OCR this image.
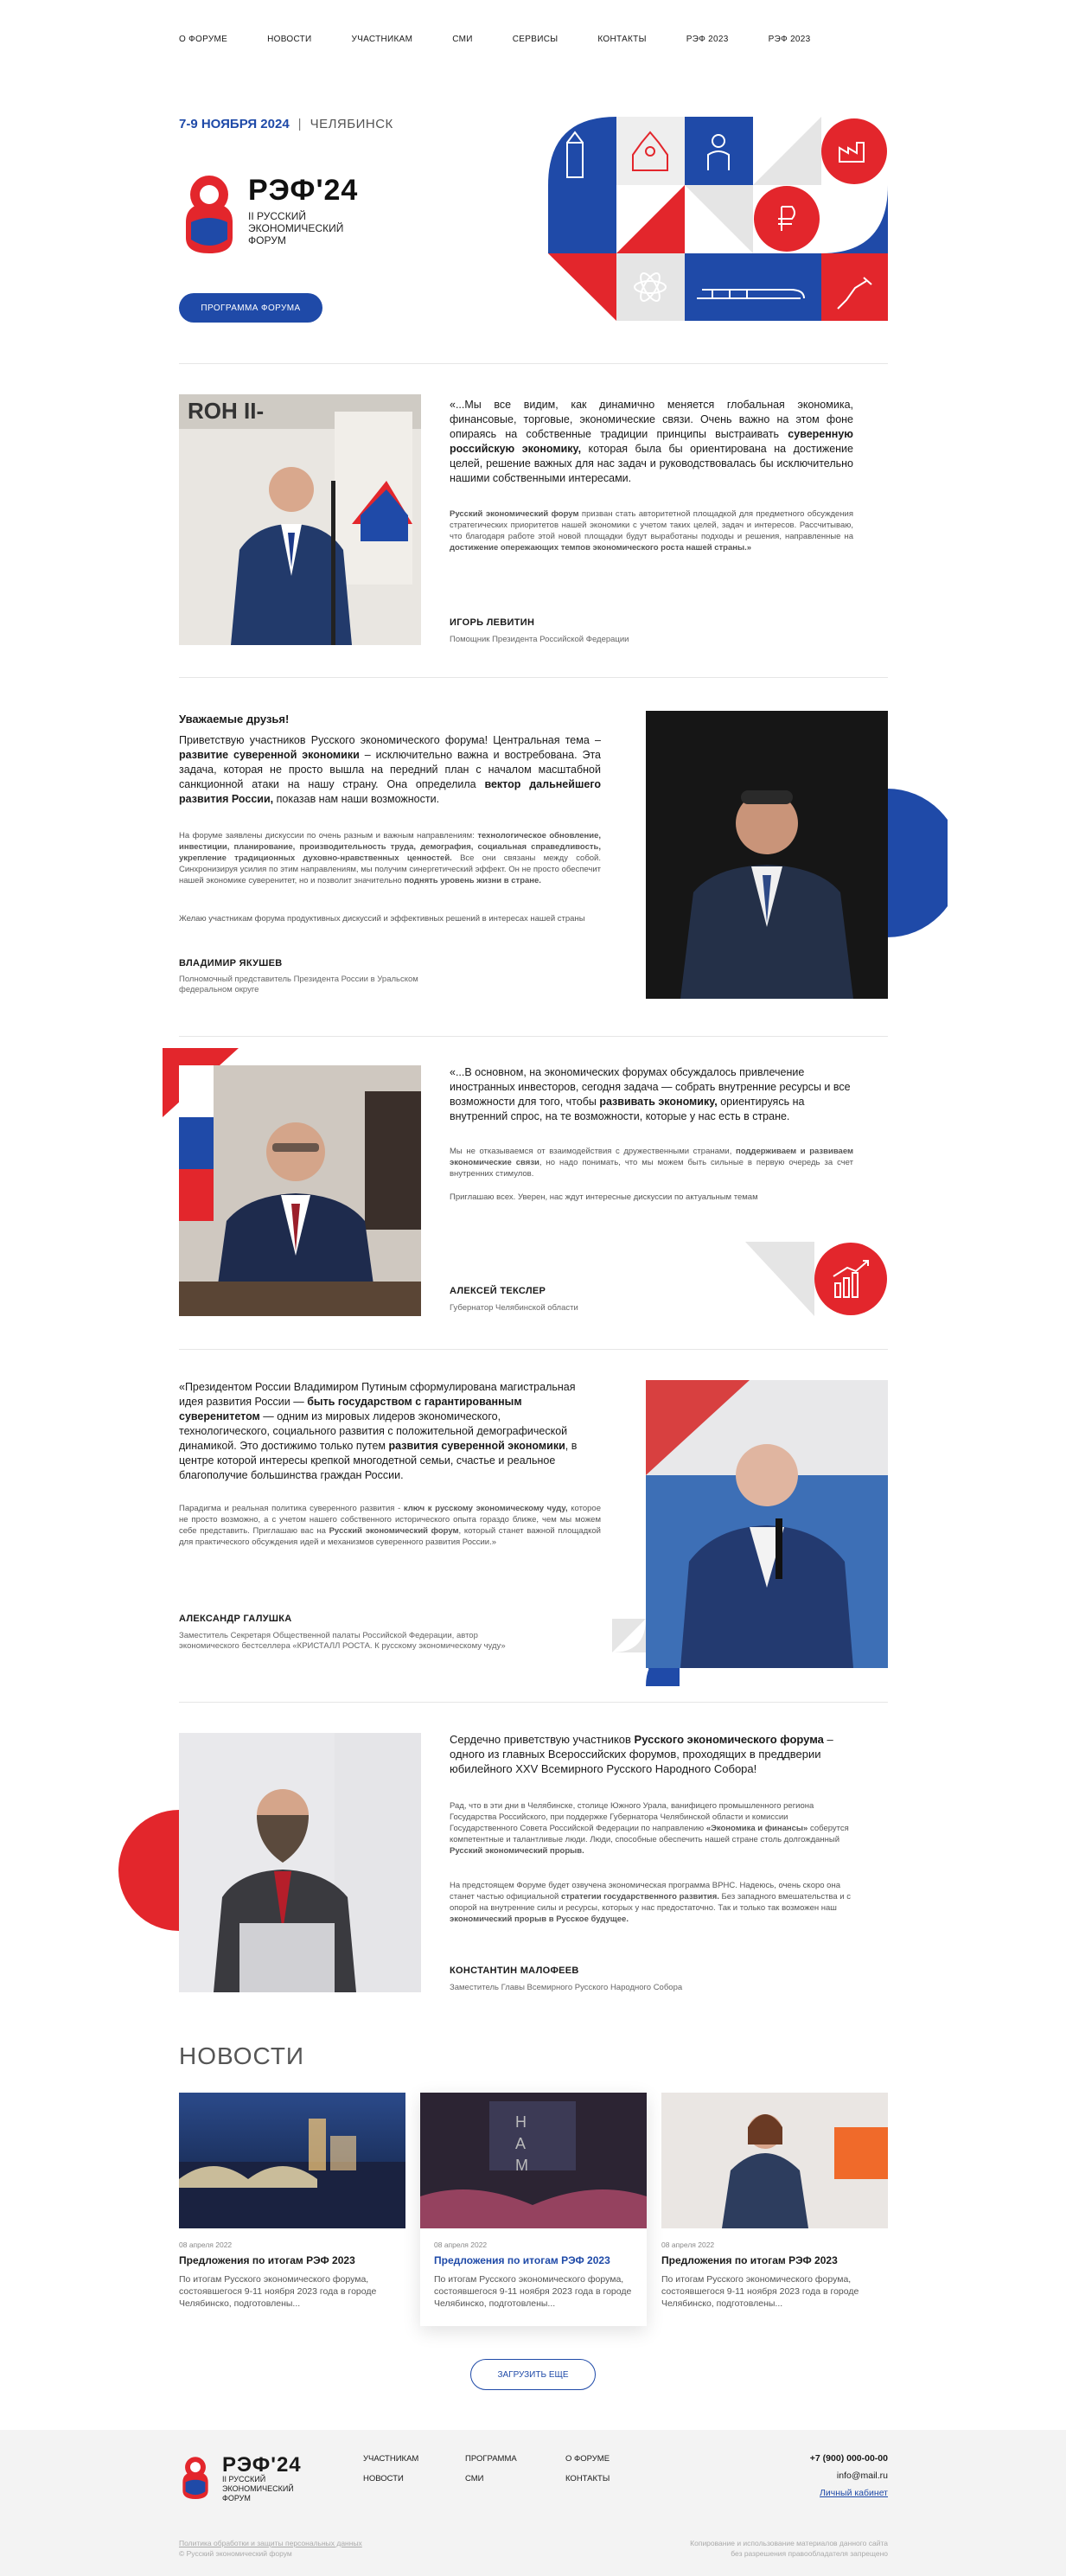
О ФОРУМЕ	НОВОСТИ	УЧАСТНИКАМ	СМИ	СЕРВИСЫ	КОНТАКТЫ	РЭФ 2023	РЭФ 2023
7-9 НОЯБРЯ 2024 | ЧЕЛЯБИНСК
РЭФ'24
II РУССКИЙ
ЭКОНОМИЧЕСКИЙ
ФОРУМ
ПРОГРАММА ФОРУМА
RОН II-	«...Мы все видим, как динамично меняется глобальная экономика, финансовые, торговые, экономические связи. Очень важно на этом фоне опираясь на собственные традиции принципы выстраивать суверенную российскую экономику, которая была бы ориентирована на достижение целей, решение важных для нас задач и руководствовалась бы исключительно нашими собственными интересами.
Русский экономический форум призван стать авторитетной площадкой для предметного обсуждения стратегических приоритетов нашей экономики с учетом таких целей, задач и интересов. Рассчитываю, что благодаря работе этой новой площадки будут выработаны подходы и решения, направленные на достижение опережающих темпов экономического роста нашей страны.»
ИГОРЬ ЛЕВИТИН
Помощник Президента Российской Федерации
Уважаемые друзья!
Приветствую участников Русского экономического форума! Центральная тема – развитие суверенной экономики – исключительно важна и востребована. Эта задача, которая не просто вышла на передний план с началом масштабной санкционной атаки на нашу страну. Она определила вектор дальнейшего развития России, показав нам наши возможности.
На форуме заявлены дискуссии по очень разным и важным направлениям: технологическое обновление, инвестиции, планирование, производительность труда, демография, социальная справедливость, укрепление традиционных духовно-нравственных ценностей. Все они связаны между собой. Синхронизируя усилия по этим направлениям, мы получим синергетический эффект. Он не просто обеспечит нашей экономике суверенитет, но и позволит значительно поднять уровень жизни в стране.
Желаю участникам форума продуктивных дискуссий и эффективных решений в интересах нашей страны
ВЛАДИМИР ЯКУШЕВ
Полномочный представитель Президента России в Уральском
федеральном округе
«...В основном, на экономических форумах обсуждалось привлечение иностранных инвесторов, сегодня задача — собрать внутренние ресурсы и все возможности для того, чтобы развивать экономику, ориентируясь на внутренний спрос, на те возможности, которые у нас есть в стране.
Мы не отказываемся от взаимодействия с дружественными странами, поддерживаем и развиваем экономические связи, но надо понимать, что мы можем быть сильные в первую очередь за счет внутренних стимулов.
Приглашаю всех. Уверен, нас ждут интересные дискуссии по актуальным темам
АЛЕКСЕЙ ТЕКСЛЕР
Губернатор Челябинской области
«Президентом России Владимиром Путиным сформулирована магистральная идея развития России — быть государством с гарантированным суверенитетом — одним из мировых лидеров экономического, технологического, социального развития с положительной демографической динамикой. Это достижимо только путем развития суверенной экономики, в центре которой интересы крепкой многодетной семьи, счастье и реальное благополучие большинства граждан России.
Парадигма и реальная политика суверенного развития - ключ к русскому экономическому чуду, которое не просто возможно, а с учетом нашего собственного исторического опыта гораздо ближе, чем мы можем себе представить. Приглашаю вас на Русский экономический форум, который станет важной площадкой для практического обсуждения идей и механизмов суверенного развития России.»
АЛЕКСАНДР ГАЛУШКА
Заместитель Секретаря Общественной палаты Российской Федерации, автор
экономического бестселлера «КРИСТАЛЛ РОСТА. К русскому экономическому чуду»
Сердечно приветствую участников Русского экономического форума – одного из главных Всероссийских форумов, проходящих в преддверии юбилейного XXV Всемирного Русского Народного Собора!
Рад, что в эти дни в Челябинске, столице Южного Урала, ванифицего промышленного региона Государства Российского, при поддержке Губернатора Челябинской области и комиссии Государственного Совета Российской Федерации по направлению «Экономика и финансы» соберутся компетентные и талантливые люди. Люди, способные обеспечить нашей стране столь долгожданный Русский экономический прорыв.
На предстоящем Форуме будет озвучена экономическая программа ВРНС. Надеюсь, очень скоро она станет частью официальной стратегии государственного развития. Без западного вмешательства и с опорой на внутренние силы и ресурсы, которых у нас предостаточно. Так и только так возможен наш экономический прорыв в Русское будущее.
КОНСТАНТИН МАЛОФЕЕВ
Заместитель Главы Всемирного Русского Народного Собора
НОВОСТИ
08 апреля 2022
Предложения по итогам РЭФ 2023
По итогам Русского экономического форума, состоявшегося 9-11 ноября 2023 года в городе Челябинско, подготовлены...
Н
А
М
08 апреля 2022
Предложения по итогам РЭФ 2023
По итогам Русского экономического форума, состоявшегося 9-11 ноября 2023 года в городе Челябинско, подготовлены...
08 апреля 2022
Предложения по итогам РЭФ 2023
По итогам Русского экономического форума, состоявшегося 9-11 ноября 2023 года в городе Челябинско, подготовлены...
ЗАГРУЗИТЬ ЕЩЕ
РЭФ'24
II РУССКИЙ
ЭКОНОМИЧЕСКИЙ
ФОРУМ
УЧАСТНИКАМ
НОВОСТИ
ПРОГРАММА
СМИ
О ФОРУМЕ
КОНТАКТЫ
+7 (900) 000-00-00
info@mail.ru
Личный кабинет
Политика обработки и защиты персональных данных
© Русский экономический форум
Копирование и использование материалов данного сайта
без разрешения правообладателя запрещено
